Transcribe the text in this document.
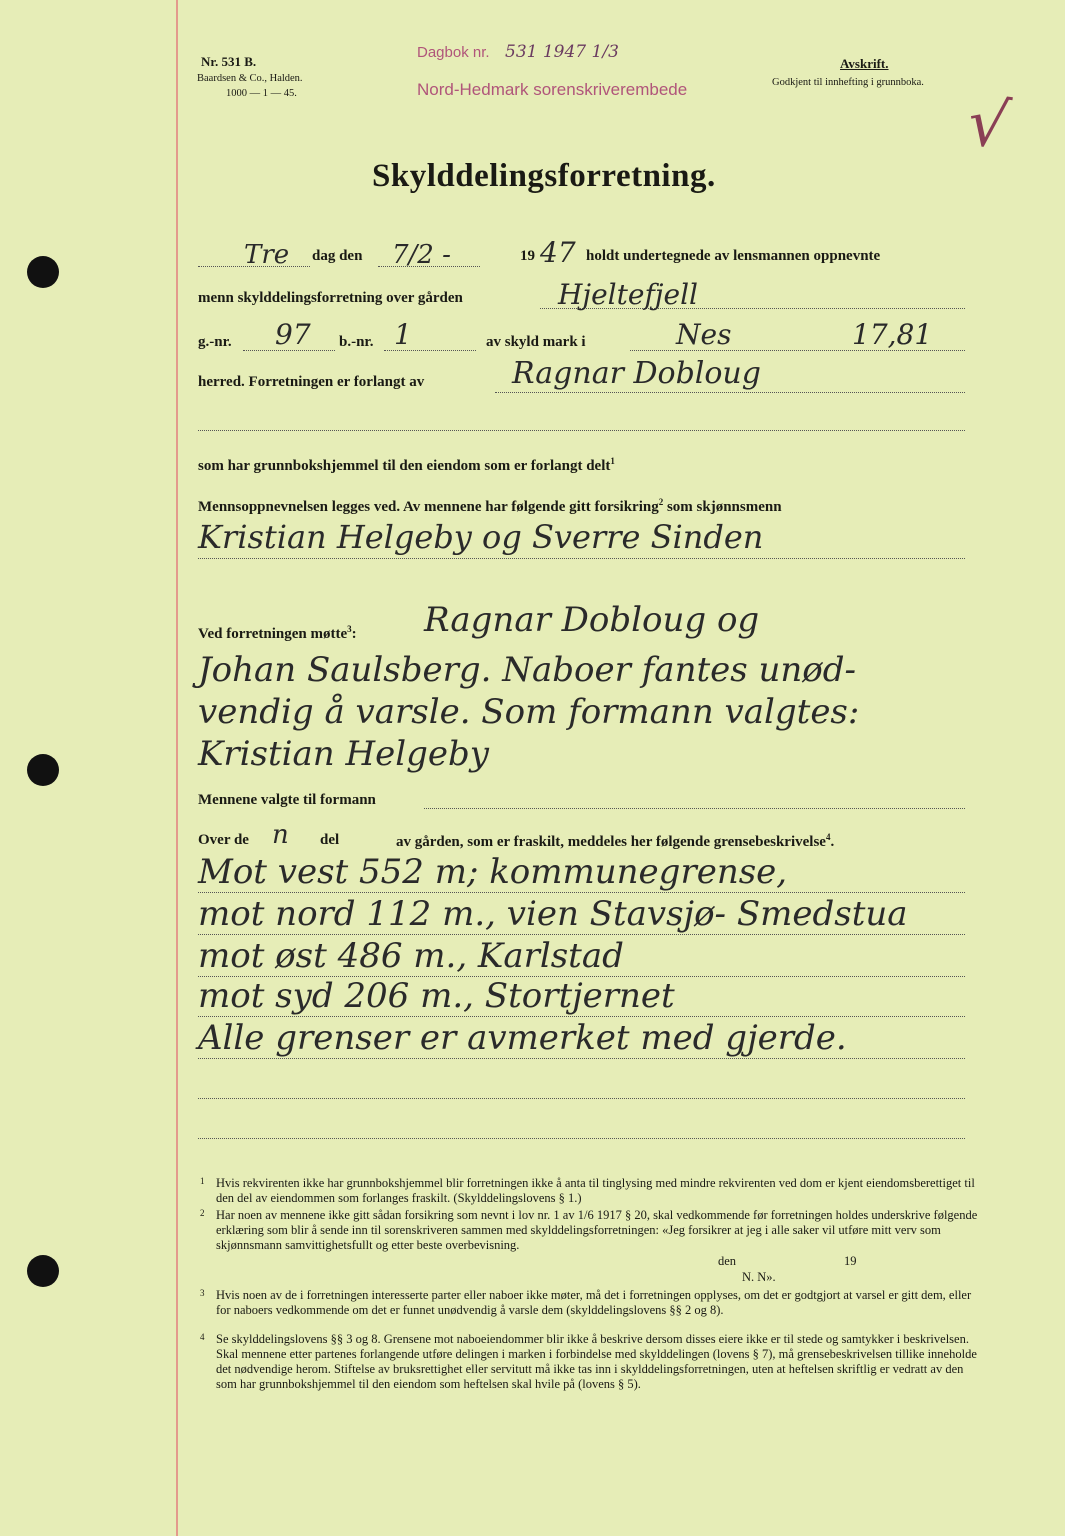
Nr. 531 B.
Baardsen & Co., Halden.
1000 — 1 — 45.
Dagbok nr. 531 1947 1/3
Nord-Hedmark sorenskriverembede
Avskrift.
Godkjent til innhefting i grunnboka.
√
Skylddelingsforretning.
Tre dag den 7/2 -	19 47 holdt undertegnede av lensmannen oppnevnte
menn skylddelingsforretning over gården	Hjeltefjell
g.-nr. 97 b.-nr. 1	av skyld mark i	Nes	17,81
herred. Forretningen er forlangt av	Ragnar Dobloug
som har grunnbokshjemmel til den eiendom som er forlangt delt$^1$
Mennsoppnevnelsen legges ved. Av mennene har følgende gitt forsikring$^2$ som skjønnsmenn
Kristian Helgeby og Sverre Sinden
Ved forretningen møtte$^3$: Ragnar Dobloug og
Johan Saulsberg. Naboer fantes unød-
vendig å varsle. Som formann valgtes:
Kristian Helgeby
Mennene valgte til formann
Over de n del	av gården, som er fraskilt, meddeles her følgende grensebeskrivelse$^4$.
Mot vest 552 m; kommunegrense,
mot nord 112 m., vien Stavsjø- Smedstua
mot øst 486 m., Karlstad
mot syd 206 m., Stortjernet
Alle grenser er avmerket med gjerde.
1 Hvis rekvirenten ikke har grunnbokshjemmel blir forretningen ikke å anta til tinglysing med mindre rekvirenten ved dom er kjent eiendomsberettiget til den del av eiendommen som forlanges fraskilt. (Skylddelingslovens § 1.)
2 Har noen av mennene ikke gitt sådan forsikring som nevnt i lov nr. 1 av 1/6 1917 § 20, skal vedkommende før forretningen holdes underskrive følgende erklæring som blir å sende inn til sorenskriveren sammen med skylddelingsforretningen: «Jeg forsikrer at jeg i alle saker vil utføre mitt verv som skjønnsmann samvittighetsfullt og etter beste overbevisning.
den	19
N. N».
3 Hvis noen av de i forretningen interesserte parter eller naboer ikke møter, må det i forretningen opplyses, om det er godtgjort at varsel er gitt dem, eller for naboers vedkommende om det er funnet unødvendig å varsle dem (skylddelingslovens §§ 2 og 8).
4 Se skylddelingslovens §§ 3 og 8. Grensene mot naboeiendommer blir ikke å beskrive dersom disses eiere ikke er til stede og samtykker i beskrivelsen. Skal mennene etter partenes forlangende utføre delingen i marken i forbindelse med skylddelingen (lovens § 7), må grensebeskrivelsen tillike inneholde det nødvendige herom. Stiftelse av bruksrettighet eller servitutt må ikke tas inn i skylddelingsforretningen, uten at heftelsen skriftlig er vedratt av den som har grunnbokshjemmel til den eiendom som heftelsen skal hvile på (lovens § 5).
